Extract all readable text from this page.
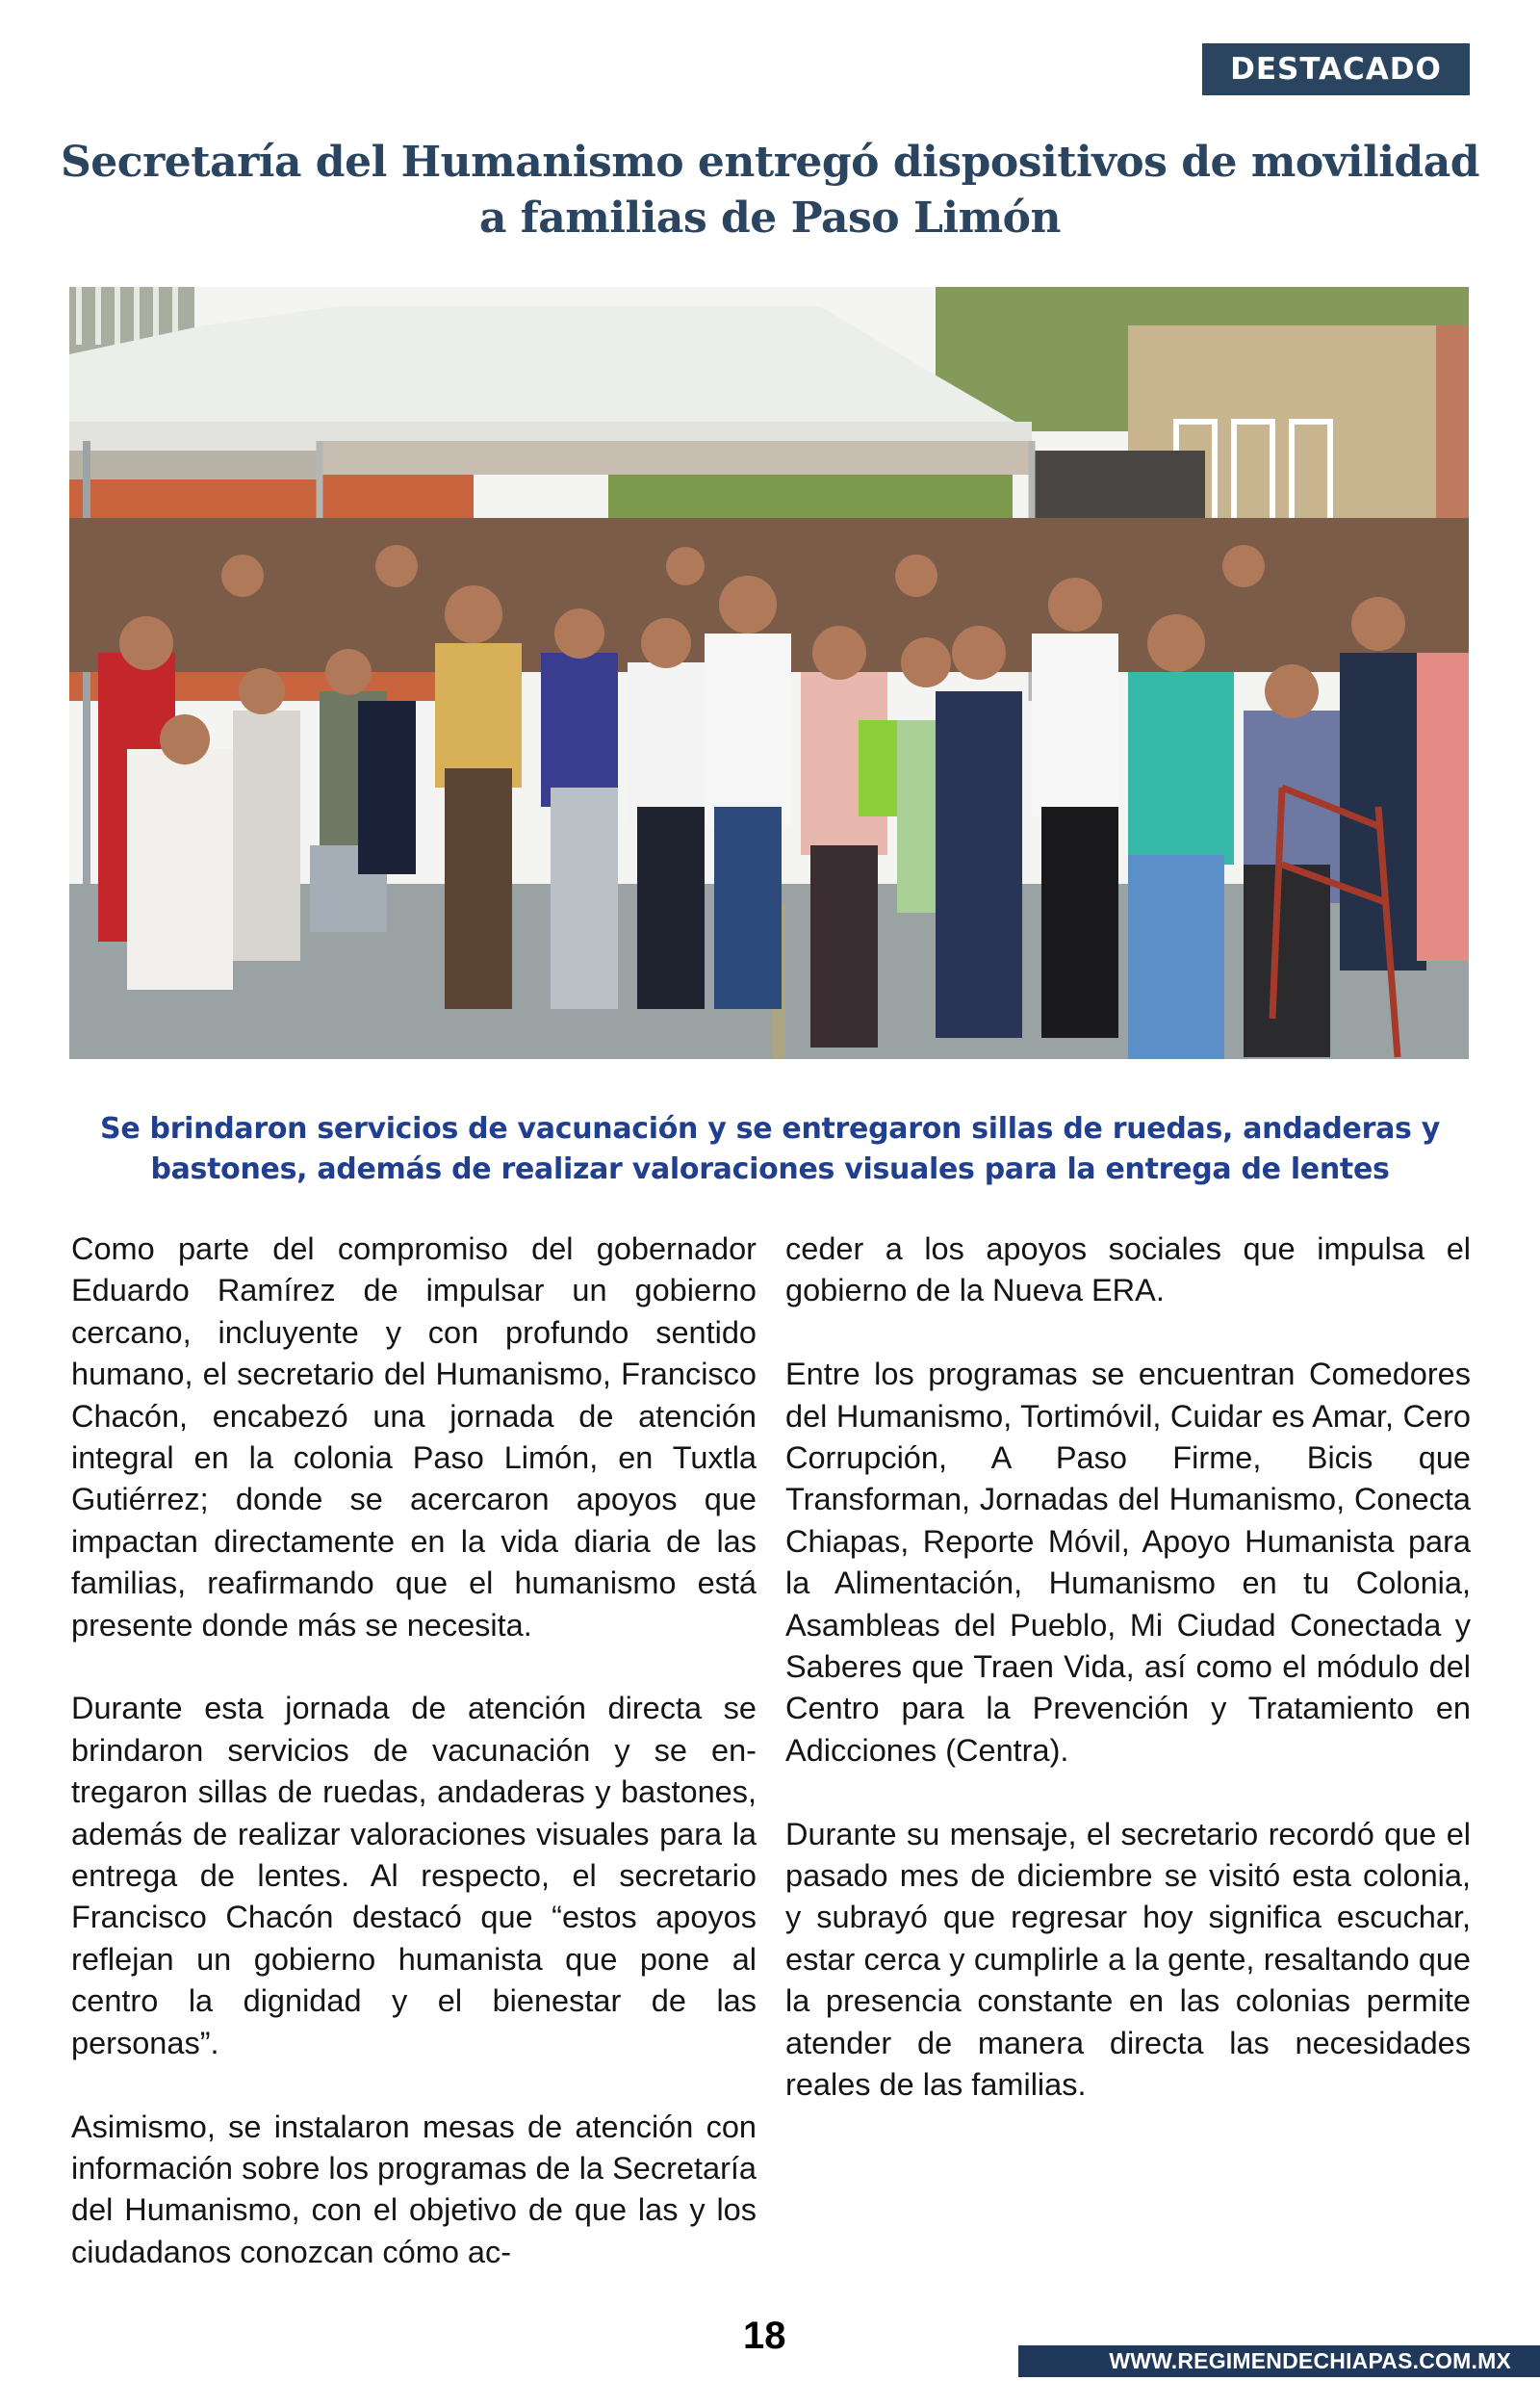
DESTACADO
Secretaría del Humanismo entregó dispositivos de movilidad a familias de Paso Limón
Se brindaron servicios de vacunación y se entregaron sillas de ruedas, andaderas y bastones, además de realizar valoraciones visuales para la entrega de lentes

Como parte del compromiso del gobernador Eduardo Ramírez de impulsar un gobierno cercano, incluyente y con profundo sentido humano, el secretario del Humanismo, Francisco Chacón, encabezó una jornada de atención integral en la colonia Paso Limón, en Tuxtla Gutiérrez; donde se acercaron apoyos que impactan directamente en la vida diaria de las familias, reafirmando que el humanismo está presente donde más se necesita.

Durante esta jornada de atención directa se brindaron servicios de vacunación y se entregaron sillas de ruedas, andaderas y bastones, además de realizar valoraciones visuales para la entrega de lentes. Al respecto, el secretario Francisco Chacón destacó que “estos apoyos reflejan un gobierno humanista que pone al centro la dignidad y el bienestar de las personas”.

Asimismo, se instalaron mesas de atención con información sobre los programas de la Secretaría del Humanismo, con el objetivo de que las y los ciudadanos conozcan cómo ac-

ceder a los apoyos sociales que impulsa el gobierno de la Nueva ERA.

Entre los programas se encuentran Comedores del Humanismo, Tortimóvil, Cuidar es Amar, Cero Corrupción, A Paso Firme, Bicis que Transforman, Jornadas del Humanismo, Conecta Chiapas, Reporte Móvil, Apoyo Humanista para la Alimentación, Humanismo en tu Colonia, Asambleas del Pueblo, Mi Ciudad Conectada y Saberes que Traen Vida, así como el módulo del Centro para la Prevención y Tratamiento en Adicciones (Centra).

Durante su mensaje, el secretario recordó que el pasado mes de diciembre se visitó esta colonia, y subrayó que regresar hoy significa escuchar, estar cerca y cumplirle a la gente, resaltando que la presencia constante en las colonias permite atender de manera directa las necesidades reales de las familias.

18
WWW.REGIMENDECHIAPAS.COM.MX
